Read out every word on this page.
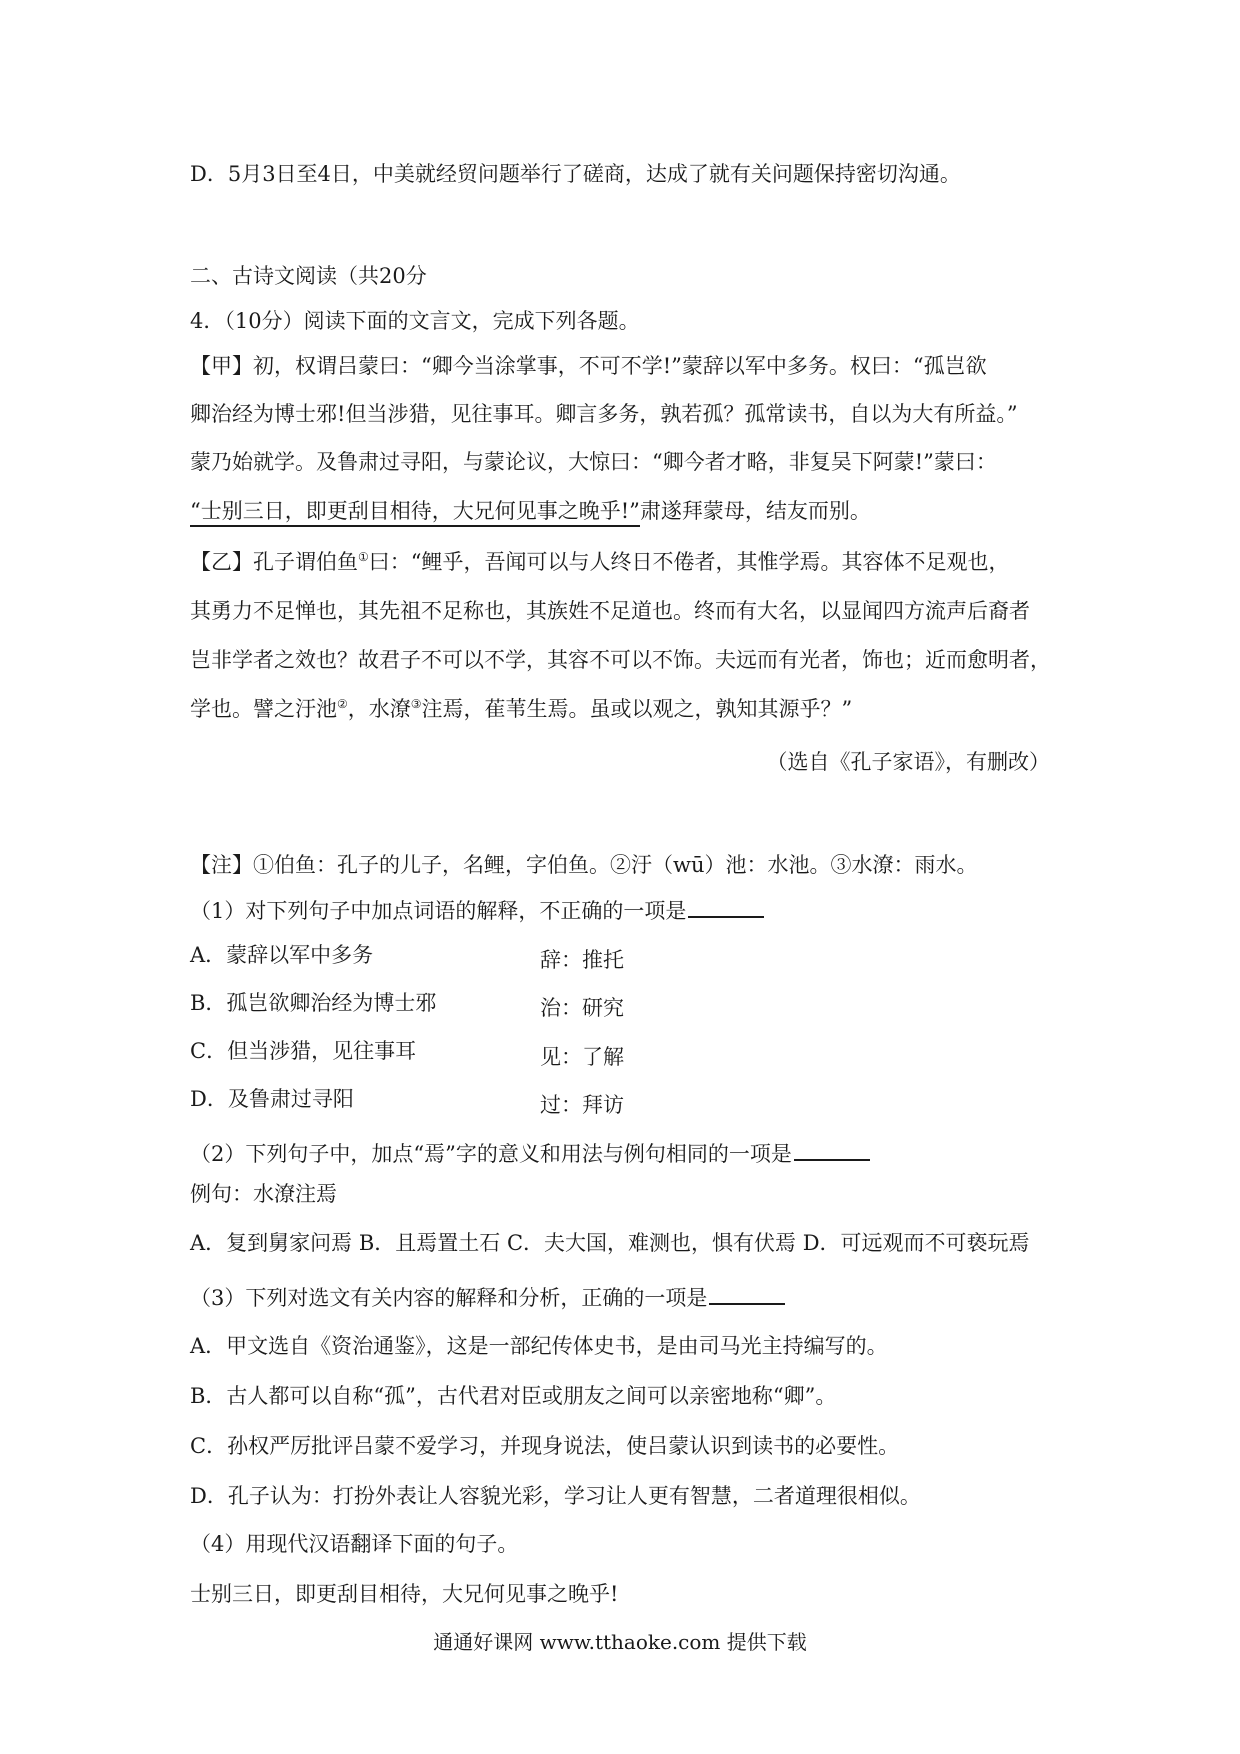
D．5月3日至4日，中美就经贸问题举行了磋商，达成了就有关问题保持密切沟通。
二、古诗文阅读（共20分
4．（10分）阅读下面的文言文，完成下列各题。
【甲】初，权谓吕蒙曰：“卿今当涂掌事，不可不学!”蒙辞以军中多务。权曰：“孤岂欲
卿治经为博士邪!但当涉猎，见往事耳。卿言多务，孰若孤？孤常读书，自以为大有所益。”
蒙乃始就学。及鲁肃过寻阳，与蒙论议，大惊曰：“卿今者才略，非复吴下阿蒙!”蒙曰：
“士别三日，即更刮目相待，大兄何见事之晚乎!”肃遂拜蒙母，结友而别。
【乙】孔子谓伯鱼①曰：“鲤乎，吾闻可以与人终日不倦者，其惟学焉。其容体不足观也，
其勇力不足惮也，其先祖不足称也，其族姓不足道也。终而有大名，以显闻四方流声后裔者
岂非学者之效也？故君子不可以不学，其容不可以不饰。夫远而有光者，饰也；近而愈明者，
学也。譬之汙池②，水潦③注焉，萑苇生焉。虽或以观之，孰知其源乎？”
（选自《孔子家语》，有删改）
【注】①伯鱼：孔子的儿子，名鲤，字伯鱼。②汙（wū）池：水池。③水潦：雨水。
（1）对下列句子中加点词语的解释，不正确的一项是
A．蒙辞以军中多务	辞：推托
B．孤岂欲卿治经为博士邪	治：研究
C．但当涉猎，见往事耳	见：了解
D．及鲁肃过寻阳	过：拜访
（2）下列句子中，加点“焉”字的意义和用法与例句相同的一项是
例句：水潦注焉
A．复到舅家问焉 B．且焉置土石 C．夫大国，难测也，惧有伏焉 D．可远观而不可亵玩焉
（3）下列对选文有关内容的解释和分析，正确的一项是
A．甲文选自《资治通鉴》，这是一部纪传体史书，是由司马光主持编写的。
B．古人都可以自称“孤”，古代君对臣或朋友之间可以亲密地称“卿”。
C．孙权严厉批评吕蒙不爱学习，并现身说法，使吕蒙认识到读书的必要性。
D．孔子认为：打扮外表让人容貌光彩，学习让人更有智慧，二者道理很相似。
（4）用现代汉语翻译下面的句子。
士别三日，即更刮目相待，大兄何见事之晚乎!
通通好课网 www.tthaoke.com 提供下载
